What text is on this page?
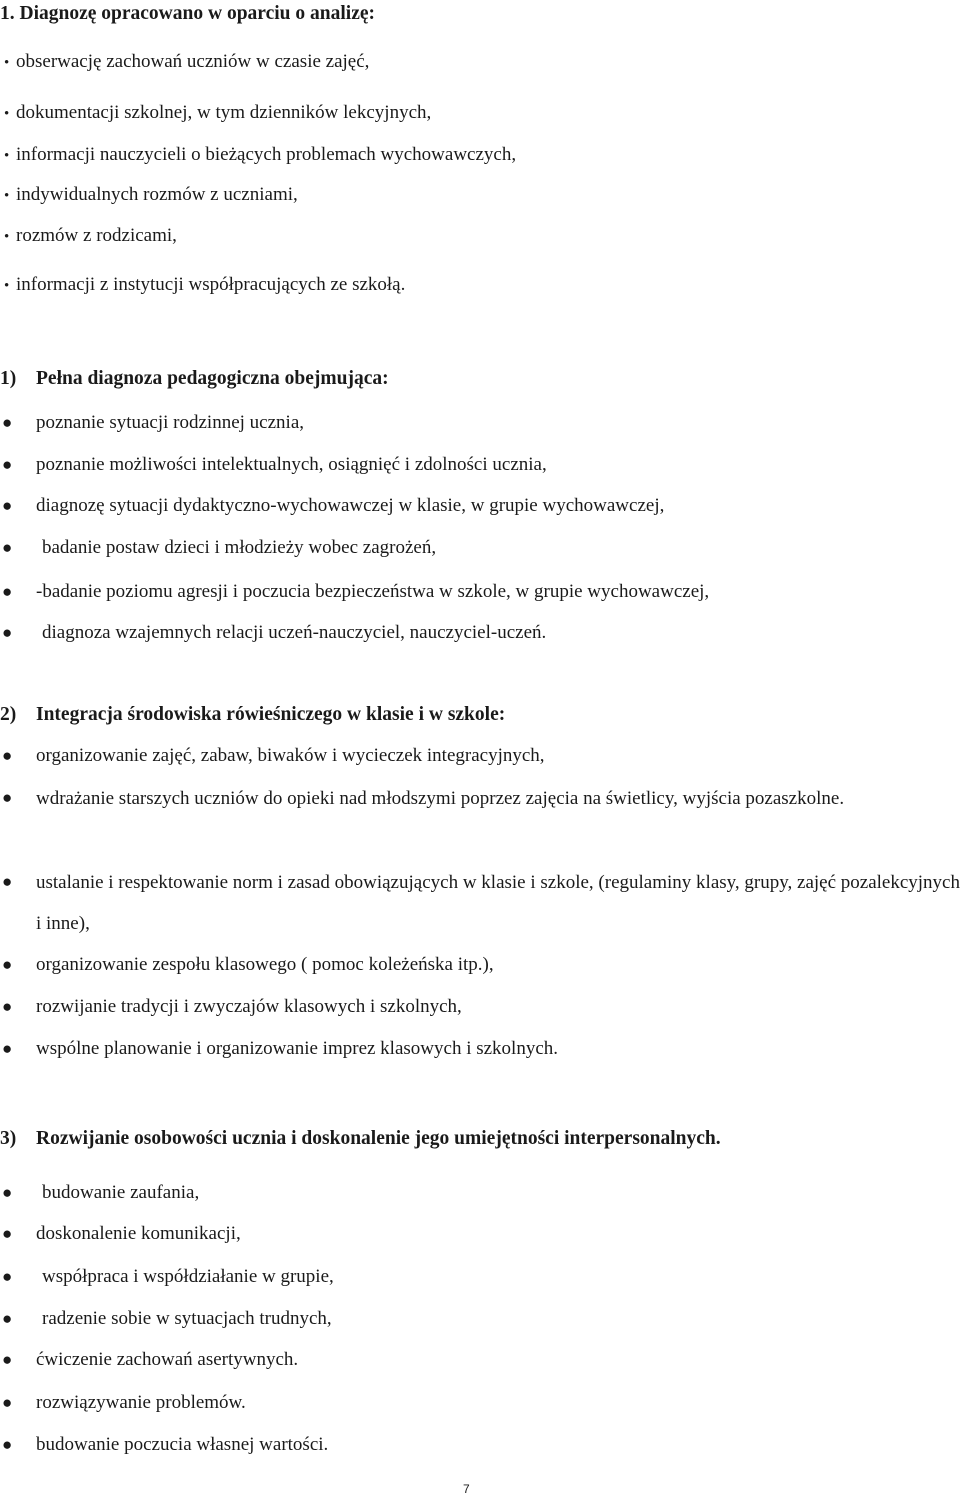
1. Diagnozę opracowano w oparciu o analizę:
• obserwację zachowań uczniów w czasie zajęć,
• dokumentacji szkolnej, w tym dzienników lekcyjnych,
• informacji nauczycieli o bieżących problemach wychowawczych,
• indywidualnych rozmów z uczniami,
• rozmów z rodzicami,
• informacji z instytucji współpracujących ze szkołą.
1) Pełna diagnoza pedagogiczna obejmująca:
● poznanie sytuacji rodzinnej ucznia,
● poznanie możliwości intelektualnych, osiągnięć i zdolności ucznia,
● diagnozę sytuacji dydaktyczno-wychowawczej w klasie, w grupie wychowawczej,
● badanie postaw dzieci i młodzieży wobec zagrożeń,
● -badanie poziomu agresji i poczucia bezpieczeństwa w szkole, w grupie wychowawczej,
● diagnoza wzajemnych relacji uczeń-nauczyciel, nauczyciel-uczeń.
2) Integracja środowiska rówieśniczego w klasie i w szkole:
● organizowanie zajęć, zabaw, biwaków i wycieczek integracyjnych,
● wdrażanie starszych uczniów do opieki nad młodszymi poprzez zajęcia na świetlicy, wyjścia pozaszkolne.
● ustalanie i respektowanie norm i zasad obowiązujących w klasie i szkole, (regulaminy klasy, grupy, zajęć pozalekcyjnych i inne),
● organizowanie zespołu klasowego ( pomoc koleżeńska itp.),
● rozwijanie tradycji i zwyczajów klasowych i szkolnych,
● wspólne planowanie i organizowanie imprez klasowych i szkolnych.
3) Rozwijanie osobowości ucznia i doskonalenie jego umiejętności interpersonalnych.
● budowanie zaufania,
● doskonalenie komunikacji,
● współpraca i współdziałanie w grupie,
● radzenie sobie w sytuacjach trudnych,
● ćwiczenie zachowań asertywnych.
● rozwiązywanie problemów.
● budowanie poczucia własnej wartości.
7
